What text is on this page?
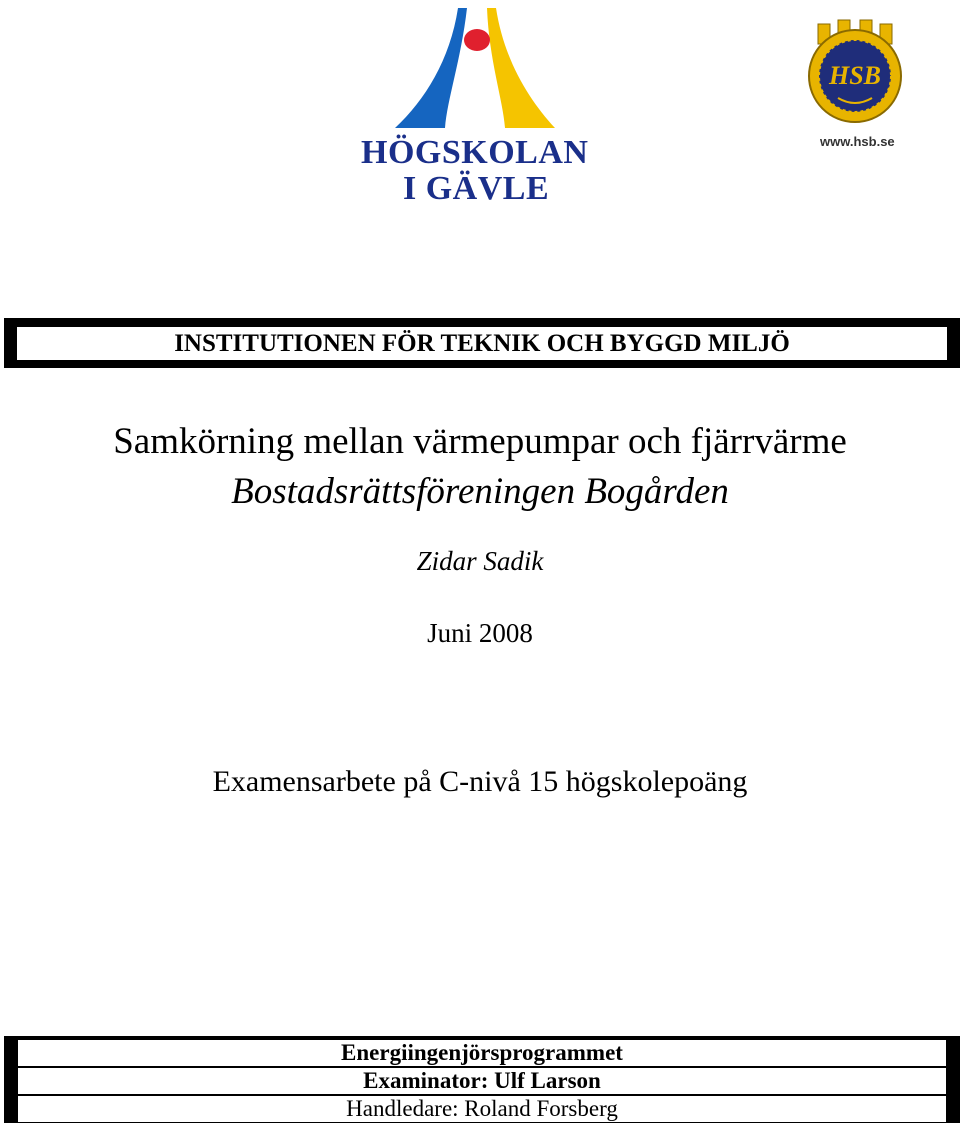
HÖGSKOLAN
I GÄVLE
HSB
www.hsb.se
INSTITUTIONEN FÖR TEKNIK OCH BYGGD MILJÖ
Samkörning mellan värmepumpar och fjärrvärme
Bostadsrättsföreningen Bogården
Zidar Sadik
Juni 2008
Examensarbete på C-nivå 15 högskolepoäng
Energiingenjörsprogrammet
Examinator: Ulf Larson
Handledare: Roland Forsberg
